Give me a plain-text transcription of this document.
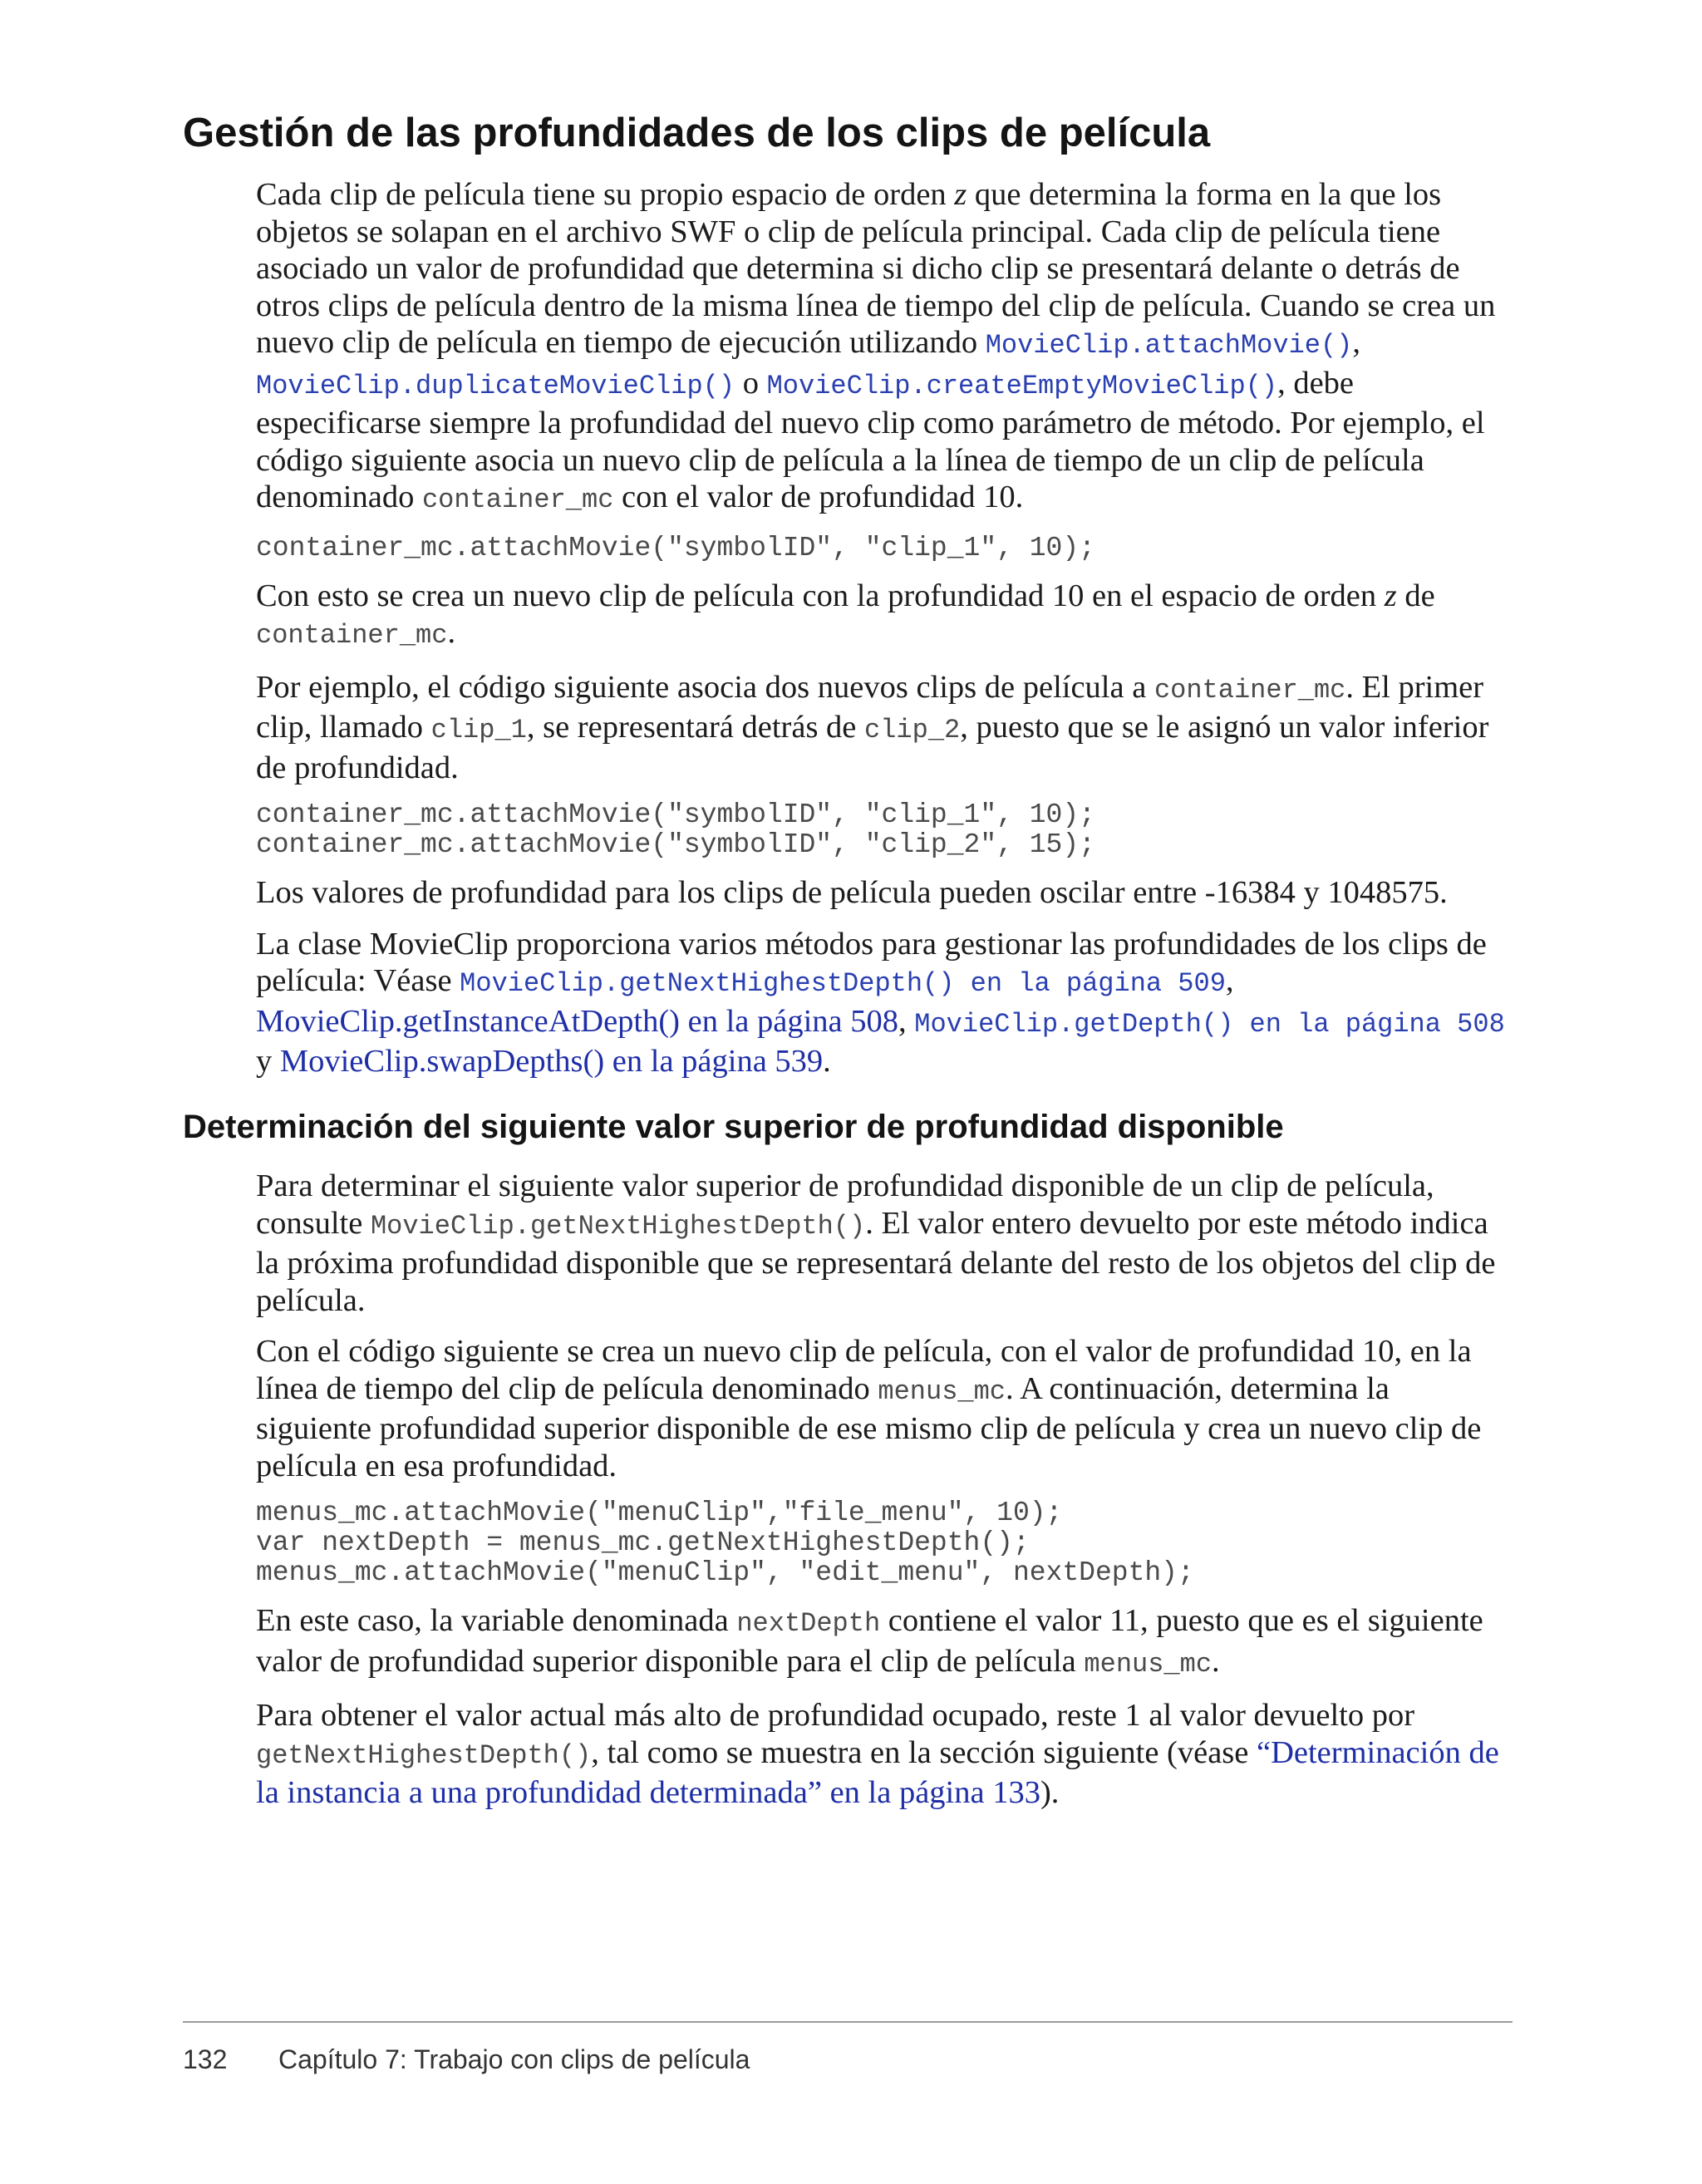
Gestión de las profundidades de los clips de película

Cada clip de película tiene su propio espacio de orden z que determina la forma en la que los objetos se solapan en el archivo SWF o clip de película principal. Cada clip de película tiene asociado un valor de profundidad que determina si dicho clip se presentará delante o detrás de otros clips de película dentro de la misma línea de tiempo del clip de película. Cuando se crea un nuevo clip de película en tiempo de ejecución utilizando MovieClip.attachMovie(), MovieClip.duplicateMovieClip() o MovieClip.createEmptyMovieClip(), debe especificarse siempre la profundidad del nuevo clip como parámetro de método. Por ejemplo, el código siguiente asocia un nuevo clip de película a la línea de tiempo de un clip de película denominado container_mc con el valor de profundidad 10.

container_mc.attachMovie("symbolID", "clip_1", 10);

Con esto se crea un nuevo clip de película con la profundidad 10 en el espacio de orden z de container_mc.

Por ejemplo, el código siguiente asocia dos nuevos clips de película a container_mc. El primer clip, llamado clip_1, se representará detrás de clip_2, puesto que se le asignó un valor inferior de profundidad.

container_mc.attachMovie("symbolID", "clip_1", 10);
container_mc.attachMovie("symbolID", "clip_2", 15);

Los valores de profundidad para los clips de película pueden oscilar entre -16384 y 1048575.

La clase MovieClip proporciona varios métodos para gestionar las profundidades de los clips de película: Véase MovieClip.getNextHighestDepth() en la página 509, MovieClip.getInstanceAtDepth() en la página 508, MovieClip.getDepth() en la página 508 y MovieClip.swapDepths() en la página 539.

Determinación del siguiente valor superior de profundidad disponible

Para determinar el siguiente valor superior de profundidad disponible de un clip de película, consulte MovieClip.getNextHighestDepth(). El valor entero devuelto por este método indica la próxima profundidad disponible que se representará delante del resto de los objetos del clip de película.

Con el código siguiente se crea un nuevo clip de película, con el valor de profundidad 10, en la línea de tiempo del clip de película denominado menus_mc. A continuación, determina la siguiente profundidad superior disponible de ese mismo clip de película y crea un nuevo clip de película en esa profundidad.

menus_mc.attachMovie("menuClip","file_menu", 10);
var nextDepth = menus_mc.getNextHighestDepth();
menus_mc.attachMovie("menuClip", "edit_menu", nextDepth);

En este caso, la variable denominada nextDepth contiene el valor 11, puesto que es el siguiente valor de profundidad superior disponible para el clip de película menus_mc.

Para obtener el valor actual más alto de profundidad ocupado, reste 1 al valor devuelto por getNextHighestDepth(), tal como se muestra en la sección siguiente (véase “Determinación de la instancia a una profundidad determinada” en la página 133).

132 Capítulo 7: Trabajo con clips de película
